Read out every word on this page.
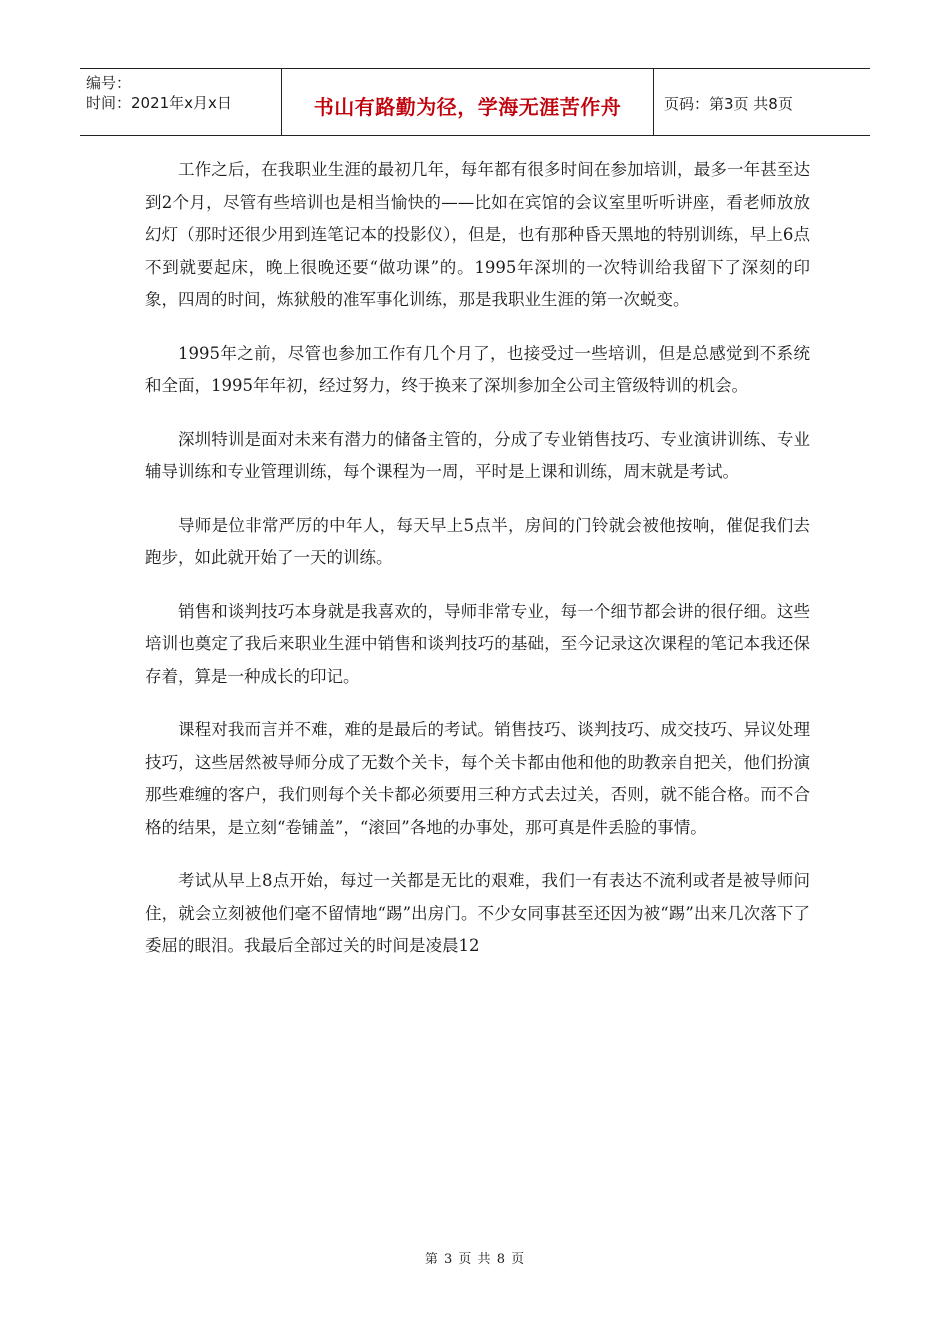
编号：
时间：2021年x月x日	书山有路勤为径，学海无涯苦作舟	页码：第3页 共8页

工作之后，在我职业生涯的最初几年，每年都有很多时间在参加培训，最多一年甚至达到2个月，尽管有些培训也是相当愉快的——比如在宾馆的会议室里听听讲座，看老师放放幻灯（那时还很少用到连笔记本的投影仪），但是，也有那种昏天黑地的特别训练，早上6点不到就要起床，晚上很晚还要“做功课”的。1995年深圳的一次特训给我留下了深刻的印象，四周的时间，炼狱般的准军事化训练，那是我职业生涯的第一次蜕变。

1995年之前，尽管也参加工作有几个月了，也接受过一些培训，但是总感觉到不系统和全面，1995年年初，经过努力，终于换来了深圳参加全公司主管级特训的机会。

深圳特训是面对未来有潜力的储备主管的，分成了专业销售技巧、专业演讲训练、专业辅导训练和专业管理训练，每个课程为一周，平时是上课和训练，周末就是考试。

导师是位非常严厉的中年人，每天早上5点半，房间的门铃就会被他按响，催促我们去跑步，如此就开始了一天的训练。

销售和谈判技巧本身就是我喜欢的，导师非常专业，每一个细节都会讲的很仔细。这些培训也奠定了我后来职业生涯中销售和谈判技巧的基础，至今记录这次课程的笔记本我还保存着，算是一种成长的印记。

课程对我而言并不难，难的是最后的考试。销售技巧、谈判技巧、成交技巧、异议处理技巧，这些居然被导师分成了无数个关卡，每个关卡都由他和他的助教亲自把关，他们扮演那些难缠的客户，我们则每个关卡都必须要用三种方式去过关，否则，就不能合格。而不合格的结果，是立刻“卷铺盖”，“滚回”各地的办事处，那可真是件丢脸的事情。

考试从早上8点开始，每过一关都是无比的艰难，我们一有表达不流利或者是被导师问住，就会立刻被他们毫不留情地“踢”出房门。不少女同事甚至还因为被“踢”出来几次落下了委屈的眼泪。我最后全部过关的时间是凌晨12

第 3 页 共 8 页
